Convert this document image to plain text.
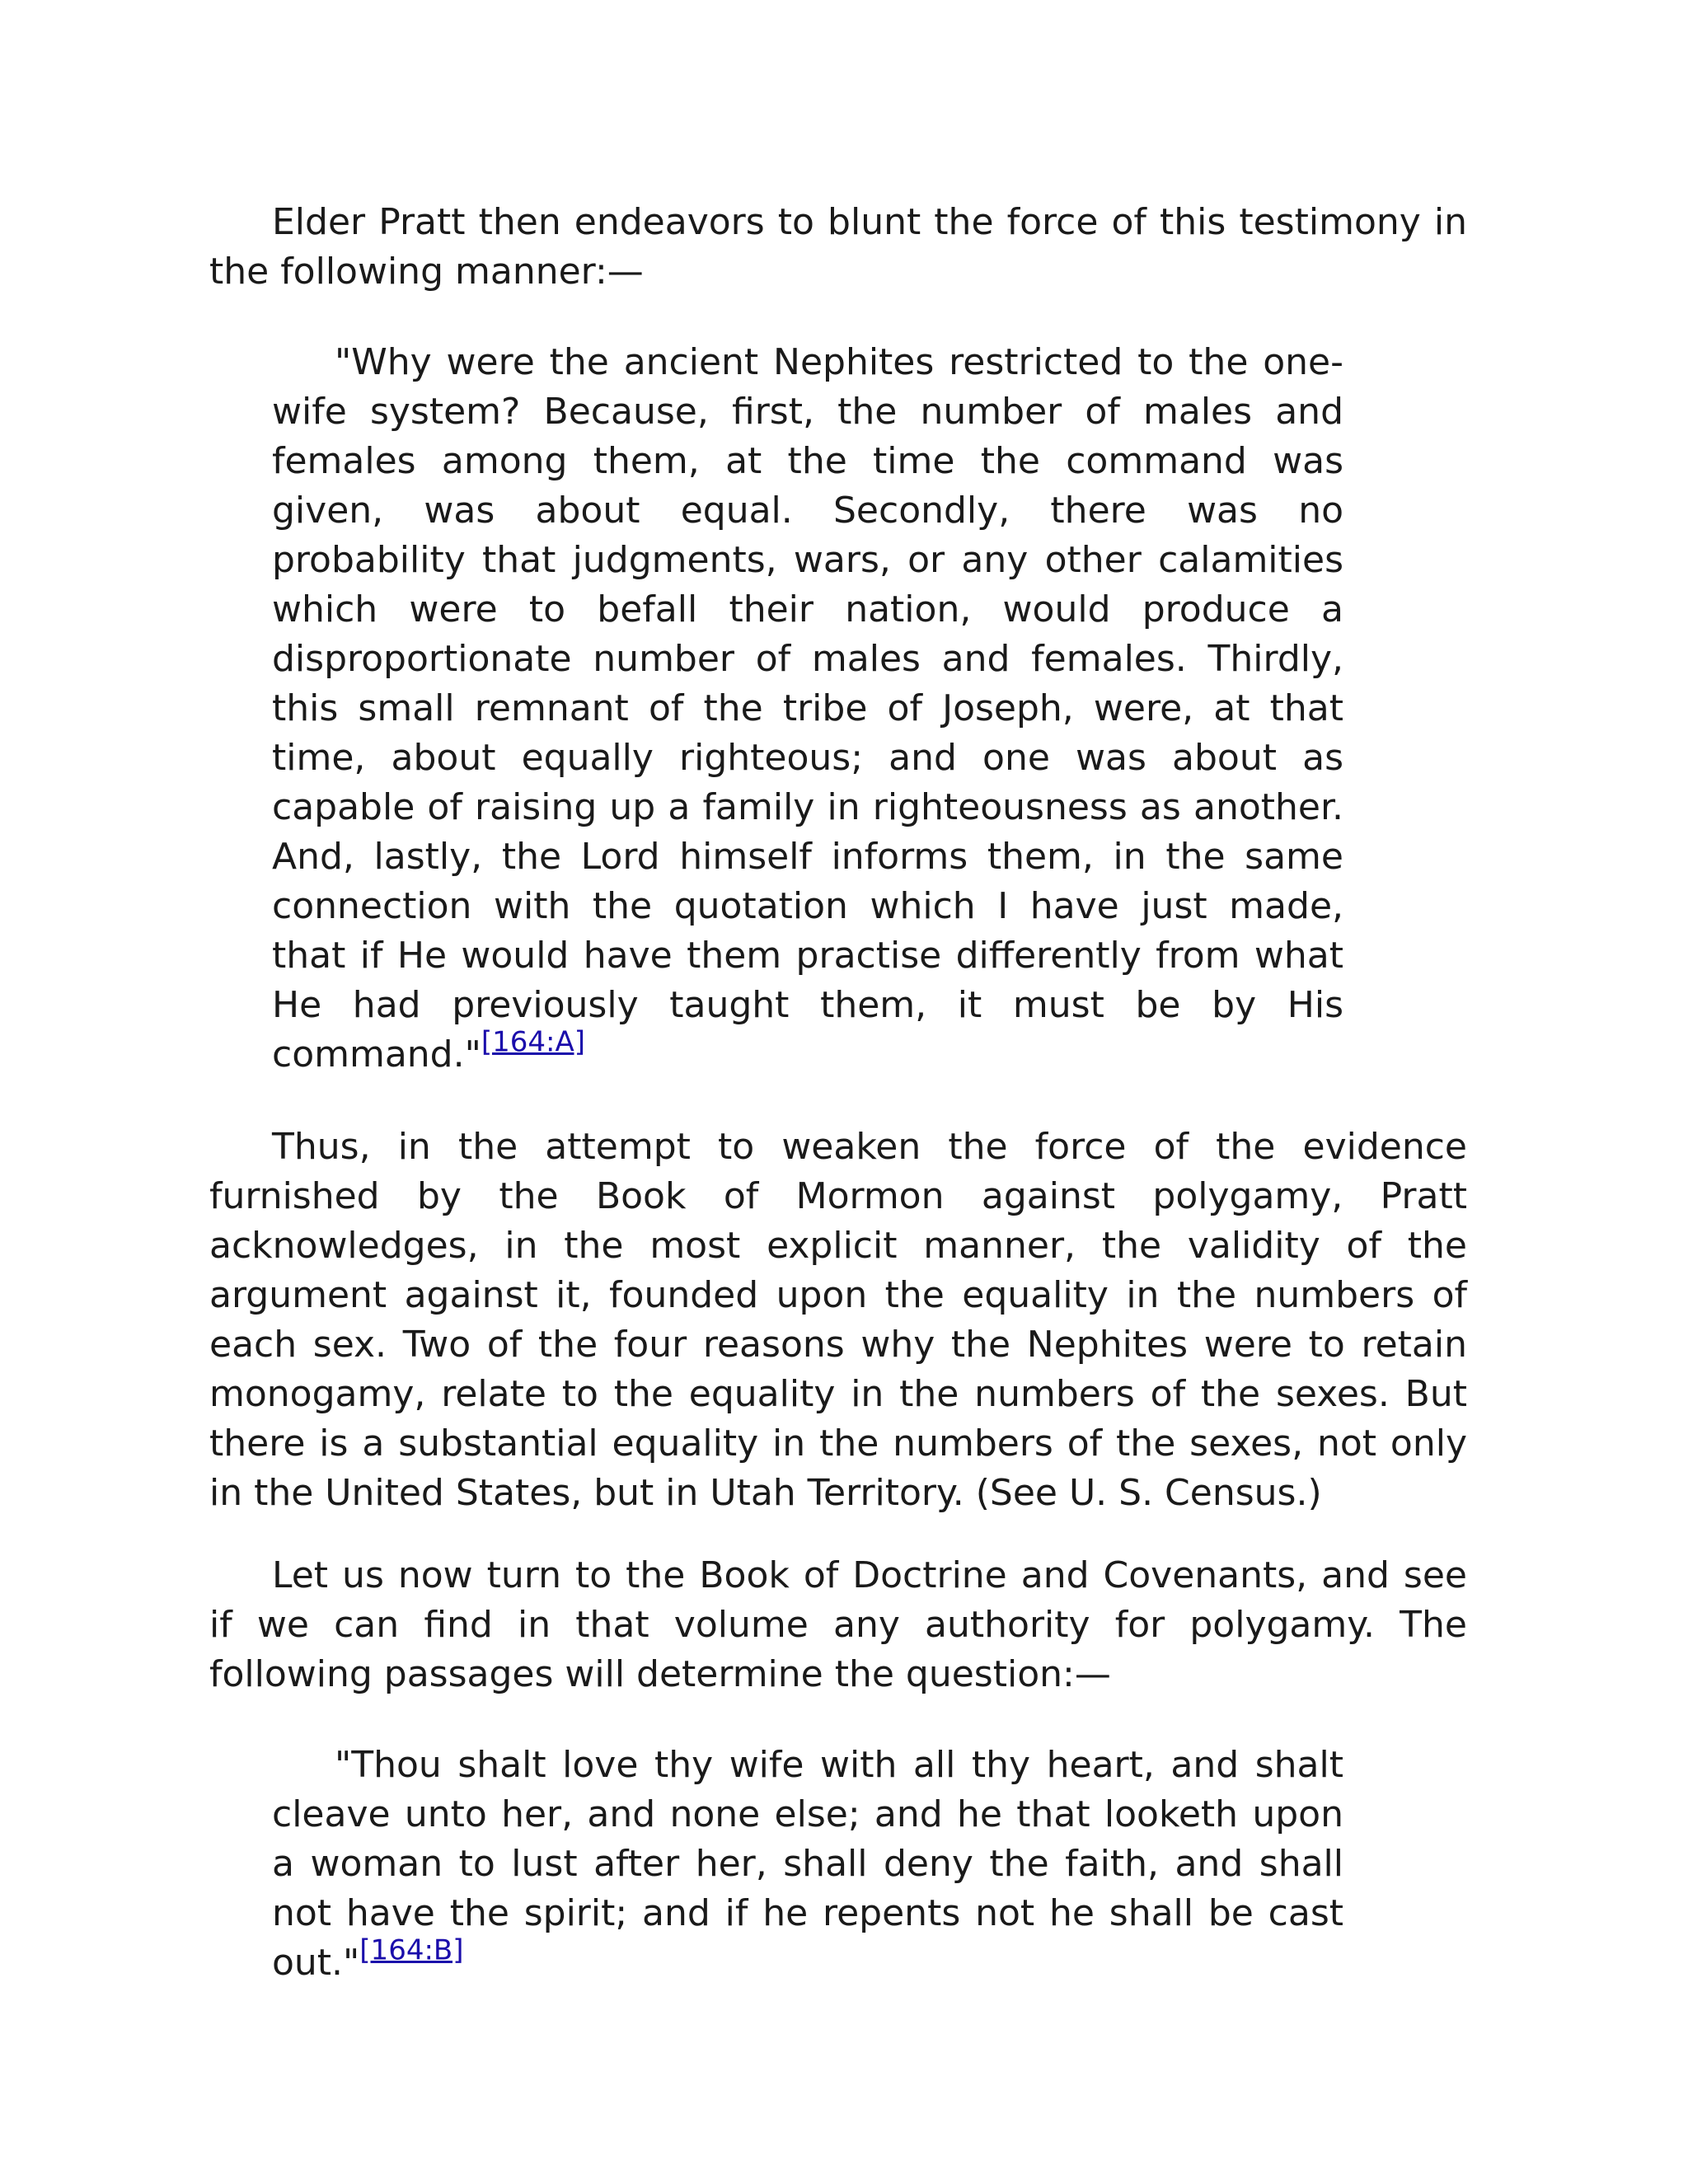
Elder Pratt then endeavors to blunt the force of this testimony in the following manner:—

"Why were the ancient Nephites restricted to the one-wife system? Because, first, the number of males and females among them, at the time the command was given, was about equal. Secondly, there was no probability that judgments, wars, or any other calamities which were to befall their nation, would produce a disproportionate number of males and females. Thirdly, this small remnant of the tribe of Joseph, were, at that time, about equally righteous; and one was about as capable of raising up a family in righteousness as another. And, lastly, the Lord himself informs them, in the same connection with the quotation which I have just made, that if He would have them practise differently from what He had previously taught them, it must be by His command."[164:A]

Thus, in the attempt to weaken the force of the evidence furnished by the Book of Mormon against polygamy, Pratt acknowledges, in the most explicit manner, the validity of the argument against it, founded upon the equality in the numbers of each sex. Two of the four reasons why the Nephites were to retain monogamy, relate to the equality in the numbers of the sexes. But there is a substantial equality in the numbers of the sexes, not only in the United States, but in Utah Territory. (See U. S. Census.)

Let us now turn to the Book of Doctrine and Covenants, and see if we can find in that volume any authority for polygamy. The following passages will determine the question:—

"Thou shalt love thy wife with all thy heart, and shalt cleave unto her, and none else; and he that looketh upon a woman to lust after her, shall deny the faith, and shall not have the spirit; and if he repents not he shall be cast out."[164:B]
